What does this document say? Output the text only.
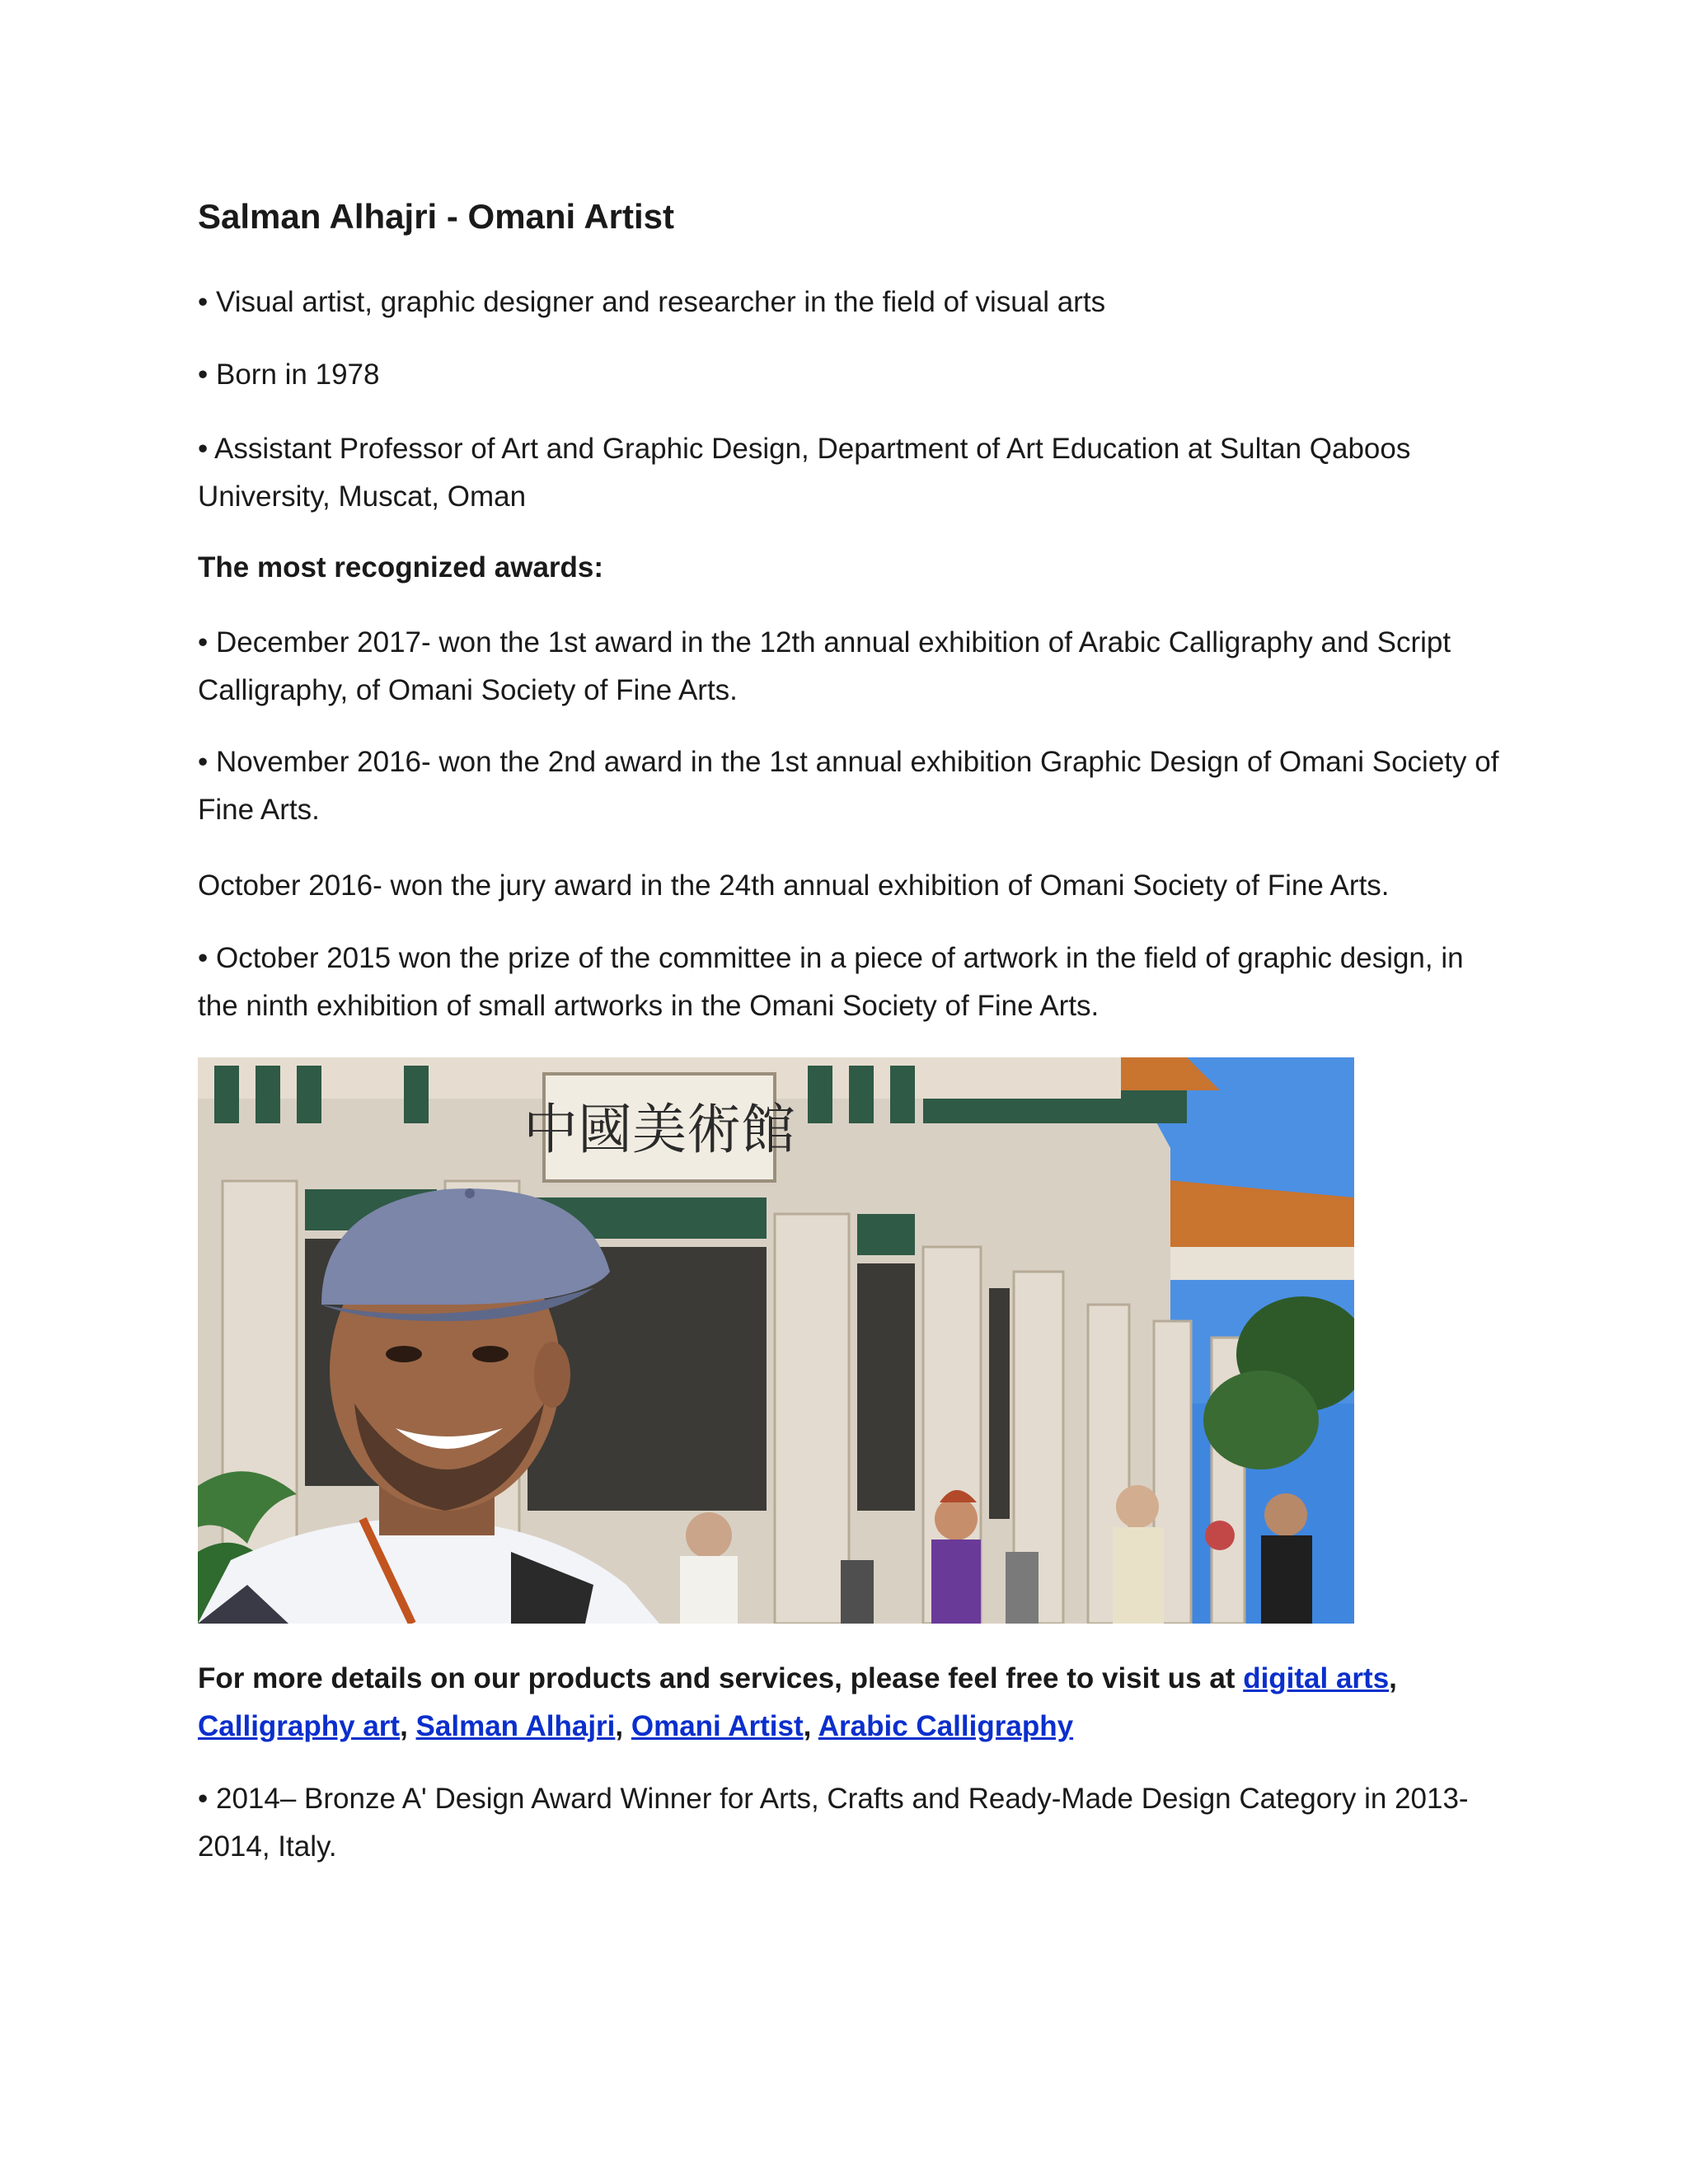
Salman Alhajri - Omani Artist

• Visual artist, graphic designer and researcher in the field of visual arts

• Born in 1978

• Assistant Professor of Art and Graphic Design, Department of Art Education at Sultan Qaboos University, Muscat, Oman

The most recognized awards:

• December 2017- won the 1st award in the 12th annual exhibition of Arabic Calligraphy and Script Calligraphy, of Omani Society of Fine Arts.

• November 2016- won the 2nd award in the 1st annual exhibition Graphic Design of Omani Society of Fine Arts.

October 2016- won the jury award in the 24th annual exhibition of Omani Society of Fine Arts.

• October 2015 won the prize of the committee in a piece of artwork in the field of graphic design, in the ninth exhibition of small artworks in the Omani Society of Fine Arts.

中國美術館

For more details on our products and services, please feel free to visit us at digital arts, Calligraphy art, Salman Alhajri, Omani Artist, Arabic Calligraphy

• 2014– Bronze A' Design Award Winner for Arts, Crafts and Ready-Made Design Category in 2013-2014, Italy.
